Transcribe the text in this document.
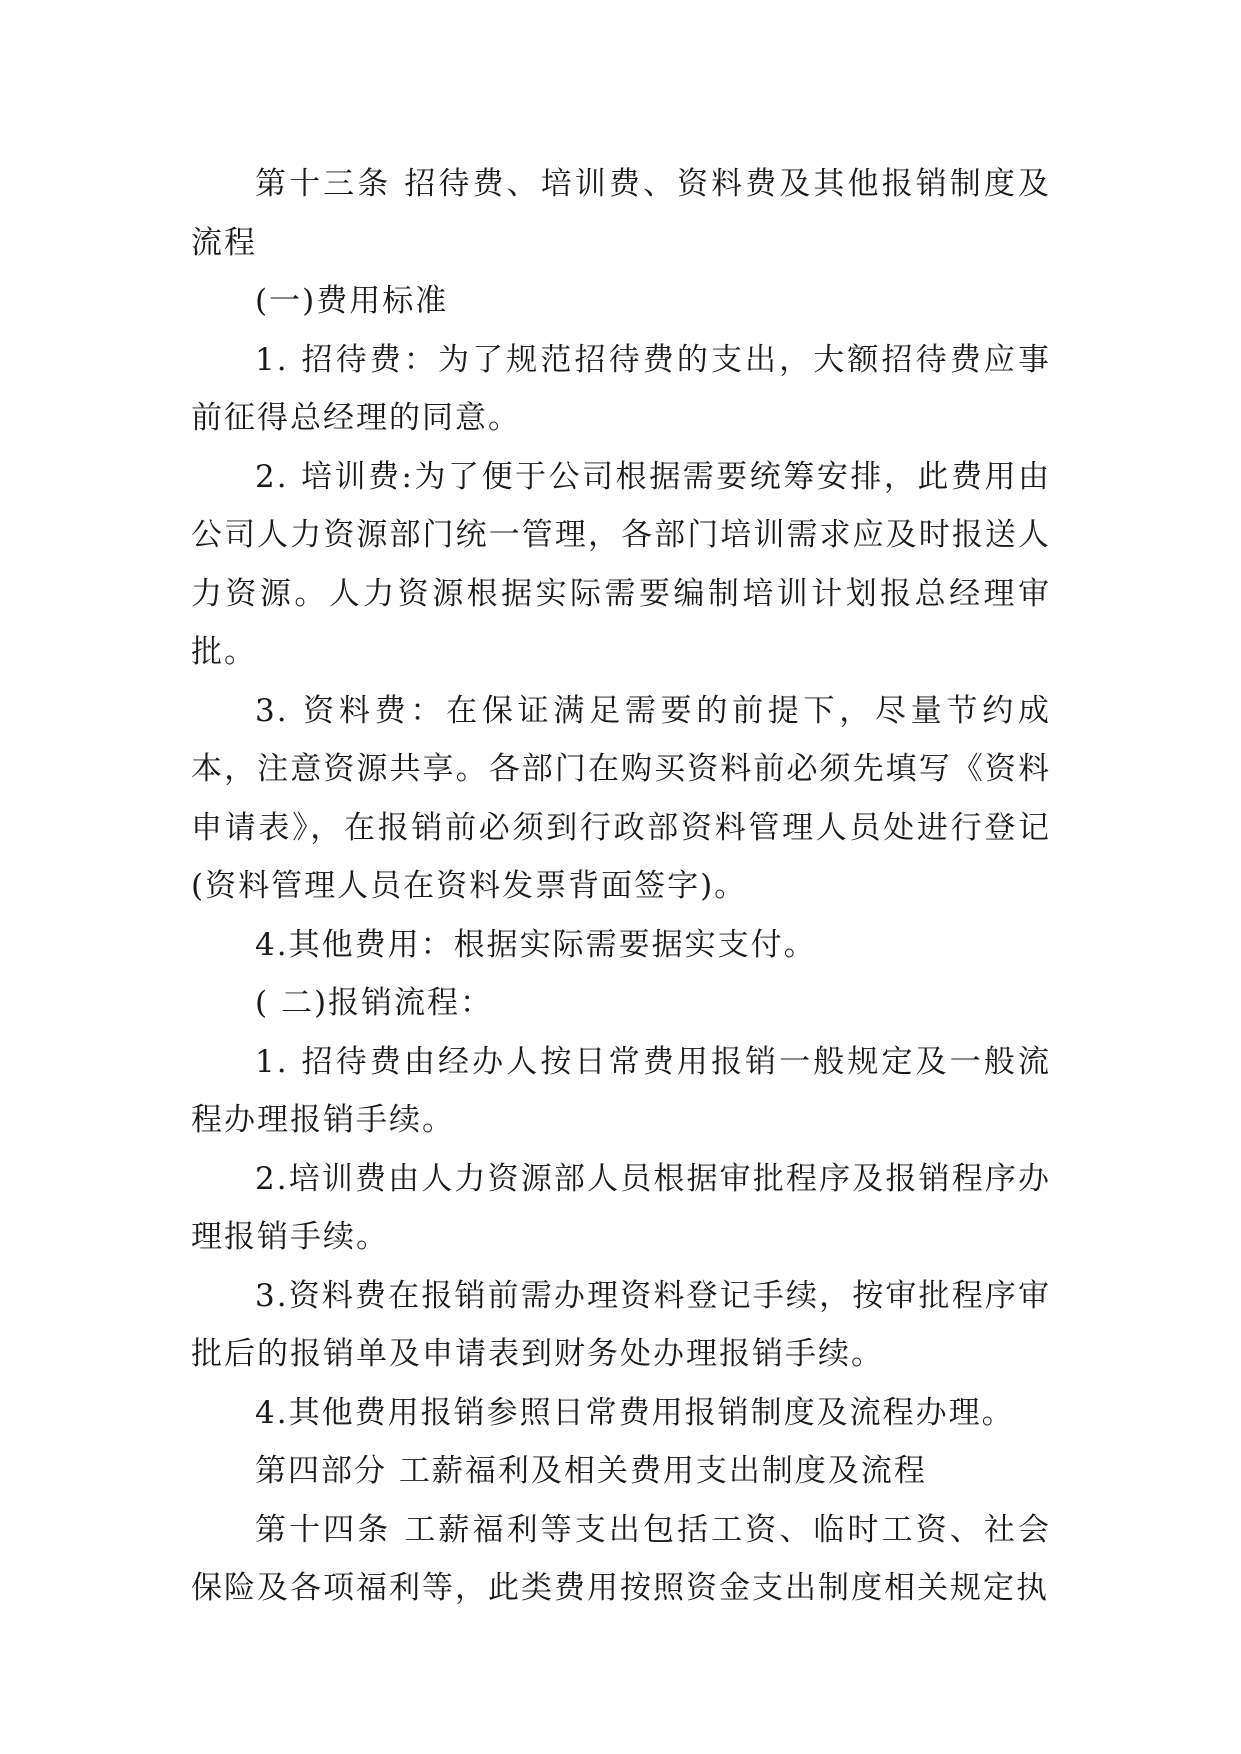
第十三条 招待费、培训费、资料费及其他报销制度及流程

(一)费用标准

1. 招待费：为了规范招待费的支出，大额招待费应事前征得总经理的同意。

2. 培训费:为了便于公司根据需要统筹安排，此费用由公司人力资源部门统一管理，各部门培训需求应及时报送人力资源。人力资源根据实际需要编制培训计划报总经理审批。

3. 资料费：在保证满足需要的前提下，尽量节约成本，注意资源共享。各部门在购买资料前必须先填写《资料申请表》，在报销前必须到行政部资料管理人员处进行登记(资料管理人员在资料发票背面签字)。

4.其他费用：根据实际需要据实支付。

( 二)报销流程：

1. 招待费由经办人按日常费用报销一般规定及一般流程办理报销手续。

2.培训费由人力资源部人员根据审批程序及报销程序办理报销手续。

3.资料费在报销前需办理资料登记手续，按审批程序审批后的报销单及申请表到财务处办理报销手续。

4.其他费用报销参照日常费用报销制度及流程办理。

第四部分 工薪福利及相关费用支出制度及流程

第十四条 工薪福利等支出包括工资、临时工资、社会保险及各项福利等，此类费用按照资金支出制度相关规定执
